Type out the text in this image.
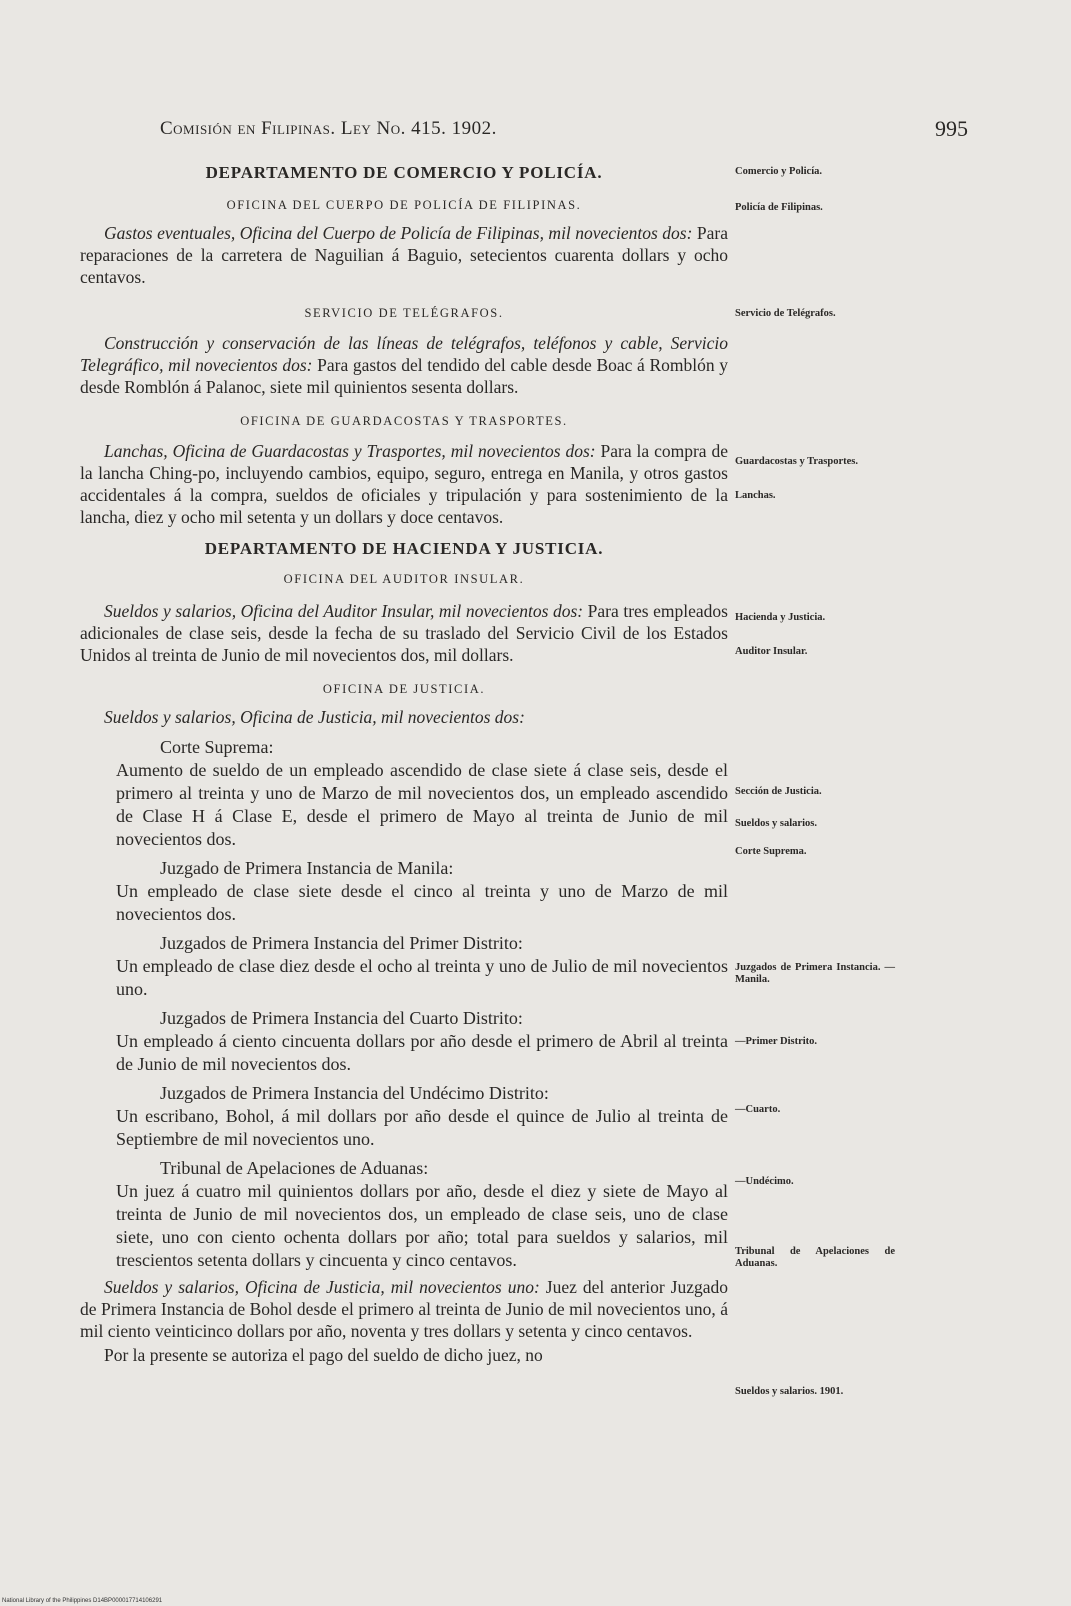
Comisión en Filipinas. Ley No. 415. 1902.	995
DEPARTAMENTO DE COMERCIO Y POLICÍA.
OFICINA DEL CUERPO DE POLICÍA DE FILIPINAS.

Gastos eventuales, Oficina del Cuerpo de Policía de Filipinas, mil novecientos dos: Para reparaciones de la carretera de Naguilian á Baguio, setecientos cuarenta dollars y ocho centavos.

SERVICIO DE TELÉGRAFOS.

Construcción y conservación de las líneas de telégrafos, teléfonos y cable, Servicio Telegráfico, mil novecientos dos: Para gastos del tendido del cable desde Boac á Romblón y desde Romblón á Palanoc, siete mil quinientos sesenta dollars.

OFICINA DE GUARDACOSTAS Y TRASPORTES.

Lanchas, Oficina de Guardacostas y Trasportes, mil novecientos dos: Para la compra de la lancha Ching-po, incluyendo cambios, equipo, seguro, entrega en Manila, y otros gastos accidentales á la compra, sueldos de oficiales y tripulación y para sostenimiento de la lancha, diez y ocho mil setenta y un dollars y doce centavos.

DEPARTAMENTO DE HACIENDA Y JUSTICIA.
OFICINA DEL AUDITOR INSULAR.

Sueldos y salarios, Oficina del Auditor Insular, mil novecientos dos: Para tres empleados adicionales de clase seis, desde la fecha de su traslado del Servicio Civil de los Estados Unidos al treinta de Junio de mil novecientos dos, mil dollars.

OFICINA DE JUSTICIA.

Sueldos y salarios, Oficina de Justicia, mil novecientos dos:

Corte Suprema:

Aumento de sueldo de un empleado ascendido de clase siete á clase seis, desde el primero al treinta y uno de Marzo de mil novecientos dos, un empleado ascendido de Clase H á Clase E, desde el primero de Mayo al treinta de Junio de mil novecientos dos.

Juzgado de Primera Instancia de Manila:

Un empleado de clase siete desde el cinco al treinta y uno de Marzo de mil novecientos dos.

Juzgados de Primera Instancia del Primer Distrito:

Un empleado de clase diez desde el ocho al treinta y uno de Julio de mil novecientos uno.

Juzgados de Primera Instancia del Cuarto Distrito:

Un empleado á ciento cincuenta dollars por año desde el primero de Abril al treinta de Junio de mil novecientos dos.

Juzgados de Primera Instancia del Undécimo Distrito:

Un escribano, Bohol, á mil dollars por año desde el quince de Julio al treinta de Septiembre de mil novecientos uno.

Tribunal de Apelaciones de Aduanas:

Un juez á cuatro mil quinientos dollars por año, desde el diez y siete de Mayo al treinta de Junio de mil novecientos dos, un empleado de clase seis, uno de clase siete, uno con ciento ochenta dollars por año; total para sueldos y salarios, mil trescientos setenta dollars y cincuenta y cinco centavos.

Sueldos y salarios, Oficina de Justicia, mil novecientos uno: Juez del anterior Juzgado de Primera Instancia de Bohol desde el primero al treinta de Junio de mil novecientos uno, á mil ciento veinticinco dollars por año, noventa y tres dollars y setenta y cinco centavos.

Por la presente se autoriza el pago del sueldo de dicho juez, no

Comercio y Policía.
Policía de Filipinas.
Servicio de Telégrafos.
Guardacostas y Trasportes.
Lanchas.
Hacienda y Justicia.
Auditor Insular.
Sección de Justicia.
Sueldos y salarios.
Corte Suprema.
Juzgados de Primera Instancia. —Manila.
—Primer Distrito.
—Cuarto.
—Undécimo.
Tribunal de Apelaciones de Aduanas.
Sueldos y salarios. 1901.
National Library of the Philippines D14BP000017714106291
